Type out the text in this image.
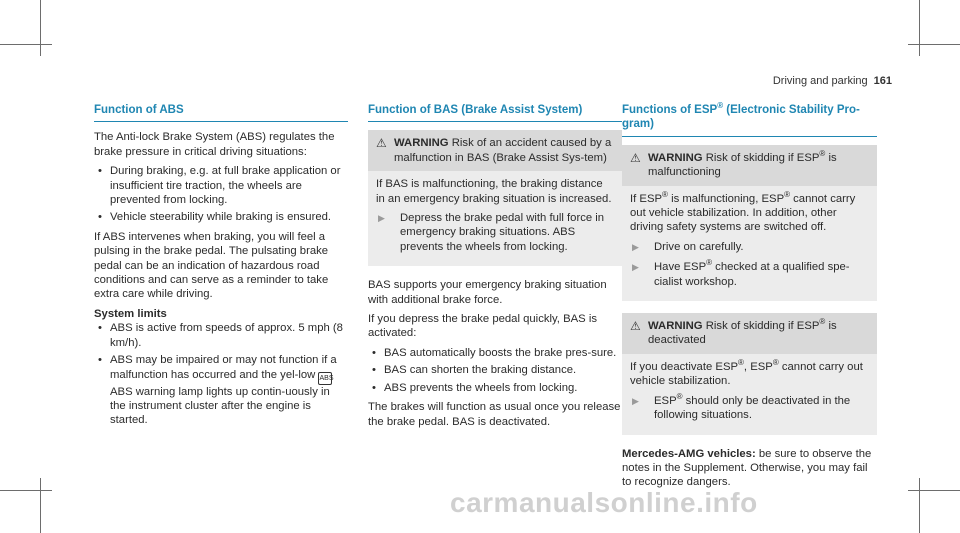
Driving and parking 161
Function of ABS

The Anti-lock Brake System (ABS) regulates the brake pressure in critical driving situations:

• During braking, e.g. at full brake application or insufficient tire traction, the wheels are prevented from locking.
• Vehicle steerability while braking is ensured.

If ABS intervenes when braking, you will feel a pulsing in the brake pedal. The pulsating brake pedal can be an indication of hazardous road conditions and can serve as a reminder to take extra care while driving.

System limits
• ABS is active from speeds of approx. 5 mph (8 km/h).
• ABS may be impaired or may not function if a malfunction has occurred and the yel-low ABS ABS warning lamp lights up contin-uously in the instrument cluster after the engine is started.
Function of BAS (Brake Assist System)
⚠ WARNING Risk of an accident caused by a malfunction in BAS (Brake Assist Sys-tem)

If BAS is malfunctioning, the braking distance in an emergency braking situation is increased.

▶	Depress the brake pedal with full force in emergency braking situations. ABS prevents the wheels from locking.

BAS supports your emergency braking situation with additional brake force.

If you depress the brake pedal quickly, BAS is activated:

• BAS automatically boosts the brake pres-sure.
• BAS can shorten the braking distance.
• ABS prevents the wheels from locking.

The brakes will function as usual once you release the brake pedal. BAS is deactivated.

Functions of ESP® (Electronic Stability Pro-gram)
⚠ WARNING Risk of skidding if ESP® is malfunctioning

If ESP® is malfunctioning, ESP® cannot carry out vehicle stabilization. In addition, other driving safety systems are switched off.

▶	Drive on carefully.
▶	Have ESP® checked at a qualified spe-cialist workshop.
⚠ WARNING Risk of skidding if ESP® is deactivated

If you deactivate ESP®, ESP® cannot carry out vehicle stabilization.

▶	ESP® should only be deactivated in the following situations.

Mercedes-AMG vehicles: be sure to observe the notes in the Supplement. Otherwise, you may fail to recognize dangers.

carmanualsonline.info
